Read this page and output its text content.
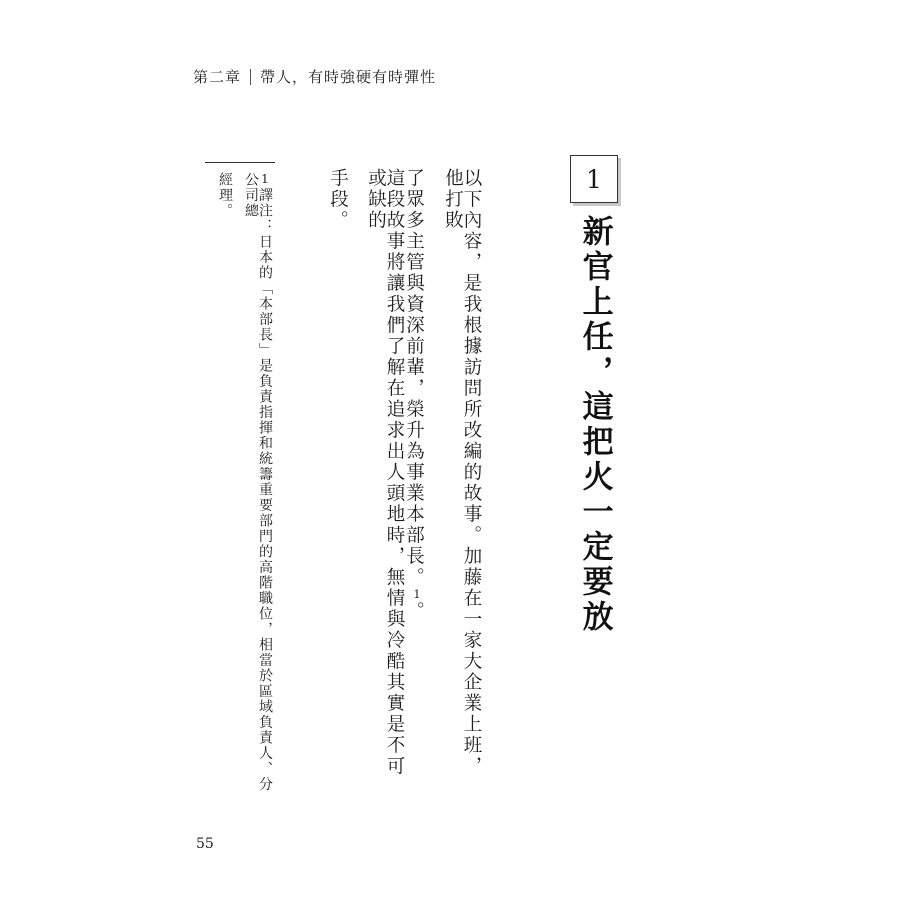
第二章 帶人，有時強硬有時彈性
1
新官上任，這把火一定要放
以下內容，是我根據訪問所改編的故事。加藤在一家大企業上班，他打敗
了眾多主管與資深前輩，榮升為事業本部長。$^1$。
這段故事將讓我們了解在追求出人頭地時，無情與冷酷其實是不可或缺的
手段。
1譯注：日本的「本部長」是負責指揮和統籌重要部門的高階職位，相當於區域負責人、分公司總
經理。
55
